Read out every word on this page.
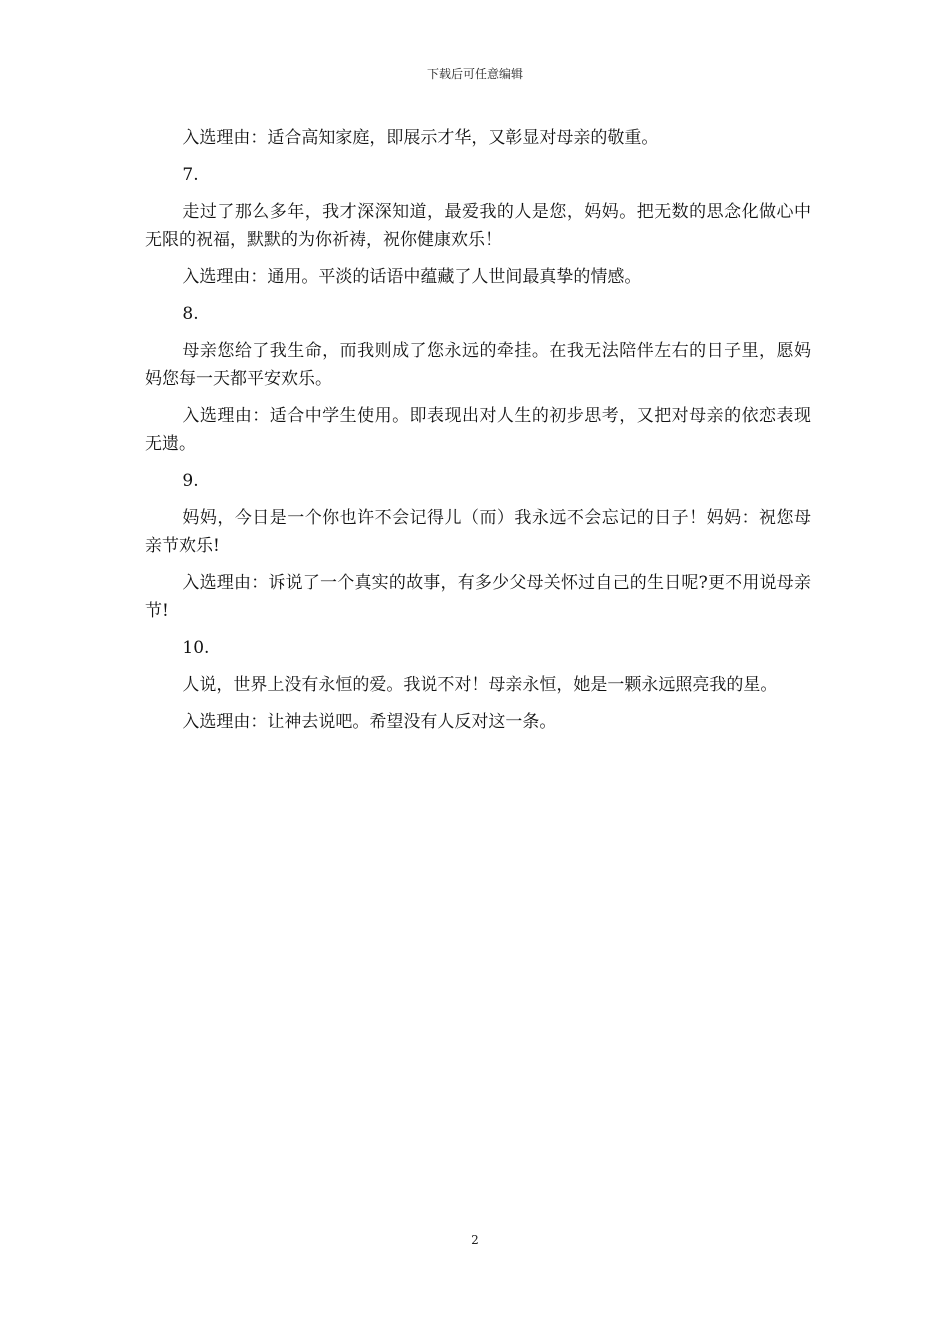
下载后可任意编辑

入选理由：适合高知家庭，即展示才华，又彰显对母亲的敬重。

7.

走过了那么多年，我才深深知道，最爱我的人是您，妈妈。把无数的思念化做心中无限的祝福，默默的为你祈祷，祝你健康欢乐！

入选理由：通用。平淡的话语中蕴藏了人世间最真挚的情感。

8.

母亲您给了我生命，而我则成了您永远的牵挂。在我无法陪伴左右的日子里，愿妈妈您每一天都平安欢乐。

入选理由：适合中学生使用。即表现出对人生的初步思考，又把对母亲的依恋表现无遗。

9.

妈妈，今日是一个你也许不会记得儿（而）我永远不会忘记的日子！妈妈：祝您母亲节欢乐!

入选理由：诉说了一个真实的故事，有多少父母关怀过自己的生日呢?更不用说母亲节!

10.

人说，世界上没有永恒的爱。我说不对！母亲永恒，她是一颗永远照亮我的星。

入选理由：让神去说吧。希望没有人反对这一条。

2
